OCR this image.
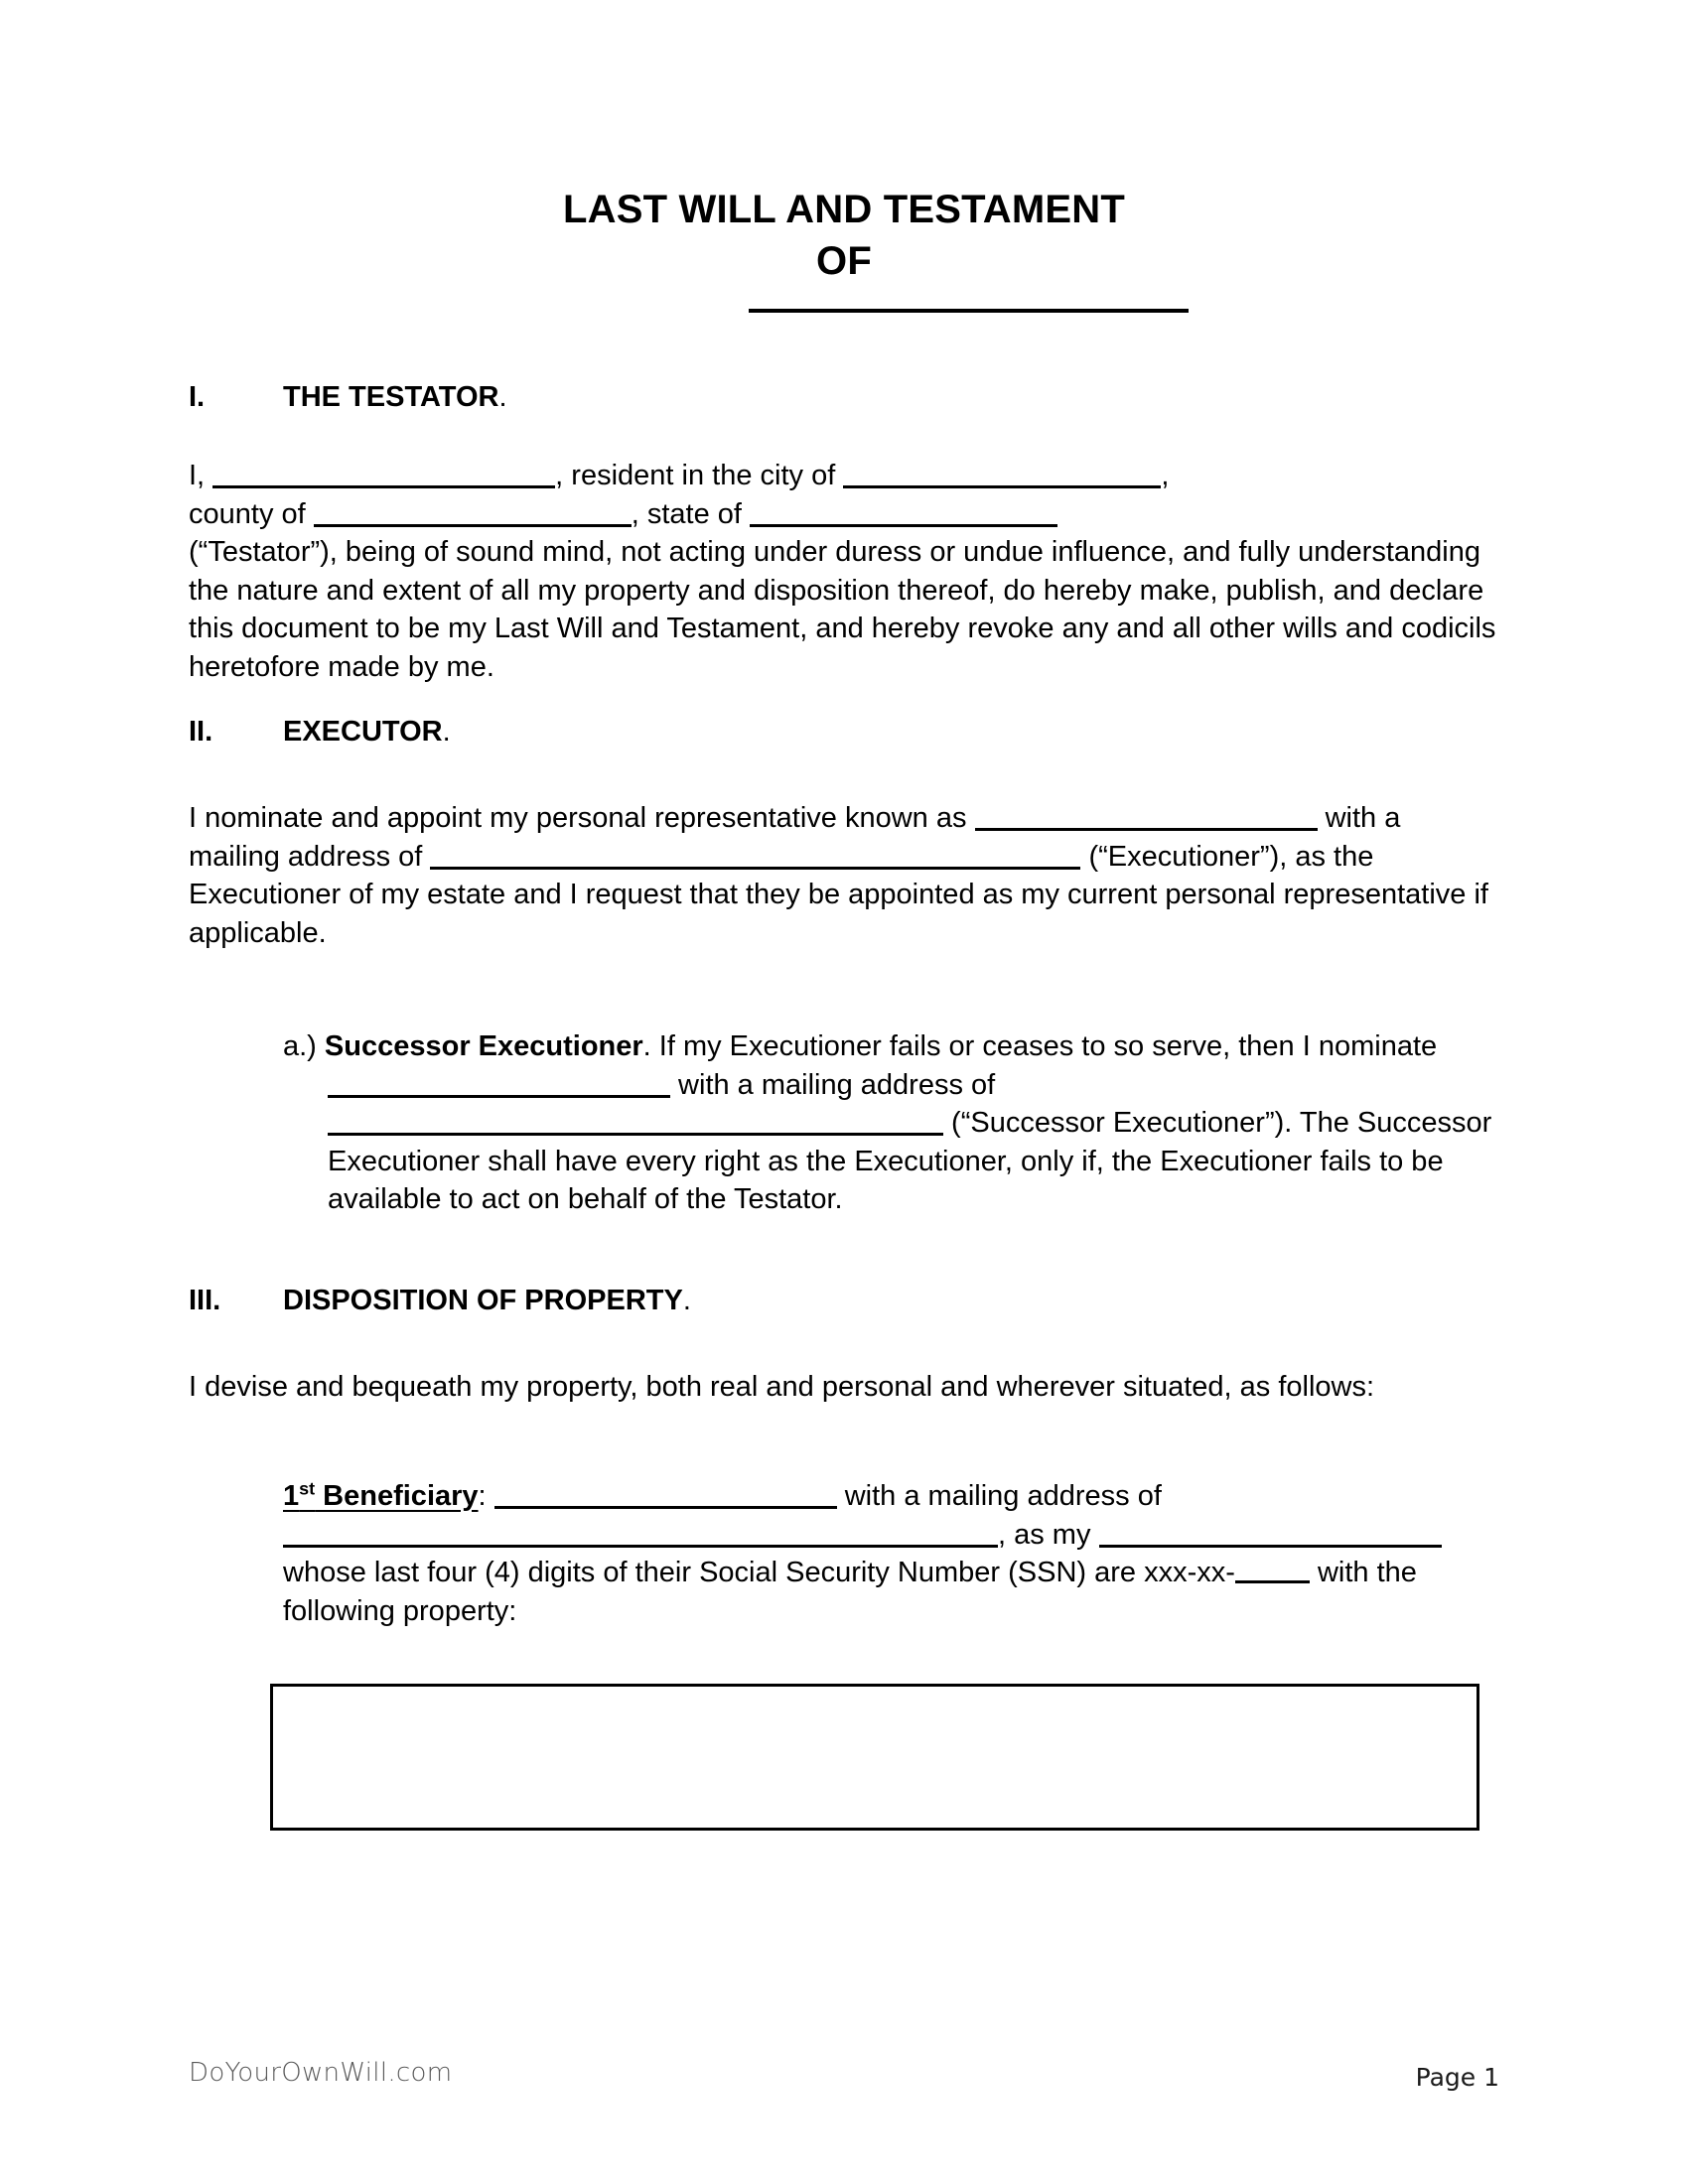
LAST WILL AND TESTAMENT
OF
I.	THE TESTATOR.
I,	, resident in the city of	,
county of	, state of
(“Testator”), being of sound mind, not acting under duress or undue influence, and fully understanding the nature and extent of all my property and disposition thereof, do hereby make, publish, and declare this document to be my Last Will and Testament, and hereby revoke any and all other wills and codicils heretofore made by me.
II. EXECUTOR.
I nominate and appoint my personal representative known as	with a mailing address of	(“Executioner”), as the Executioner of my estate and I request that they be appointed as my current personal representative if applicable.
a.) Successor Executioner. If my Executioner fails or ceases to so serve, then I nominate  with a mailing address of  (“Successor Executioner”). The Successor Executioner shall have every right as the Executioner, only if, the Executioner fails to be available to act on behalf of the Testator.
III. DISPOSITION OF PROPERTY.
I devise and bequeath my property, both real and personal and wherever situated, as follows:
1st Beneficiary:	with a mailing address of , as my  whose last four (4) digits of their Social Security Number (SSN) are xxx-xx-	with the following property:
DoYourOwnWill.com	Page 1
